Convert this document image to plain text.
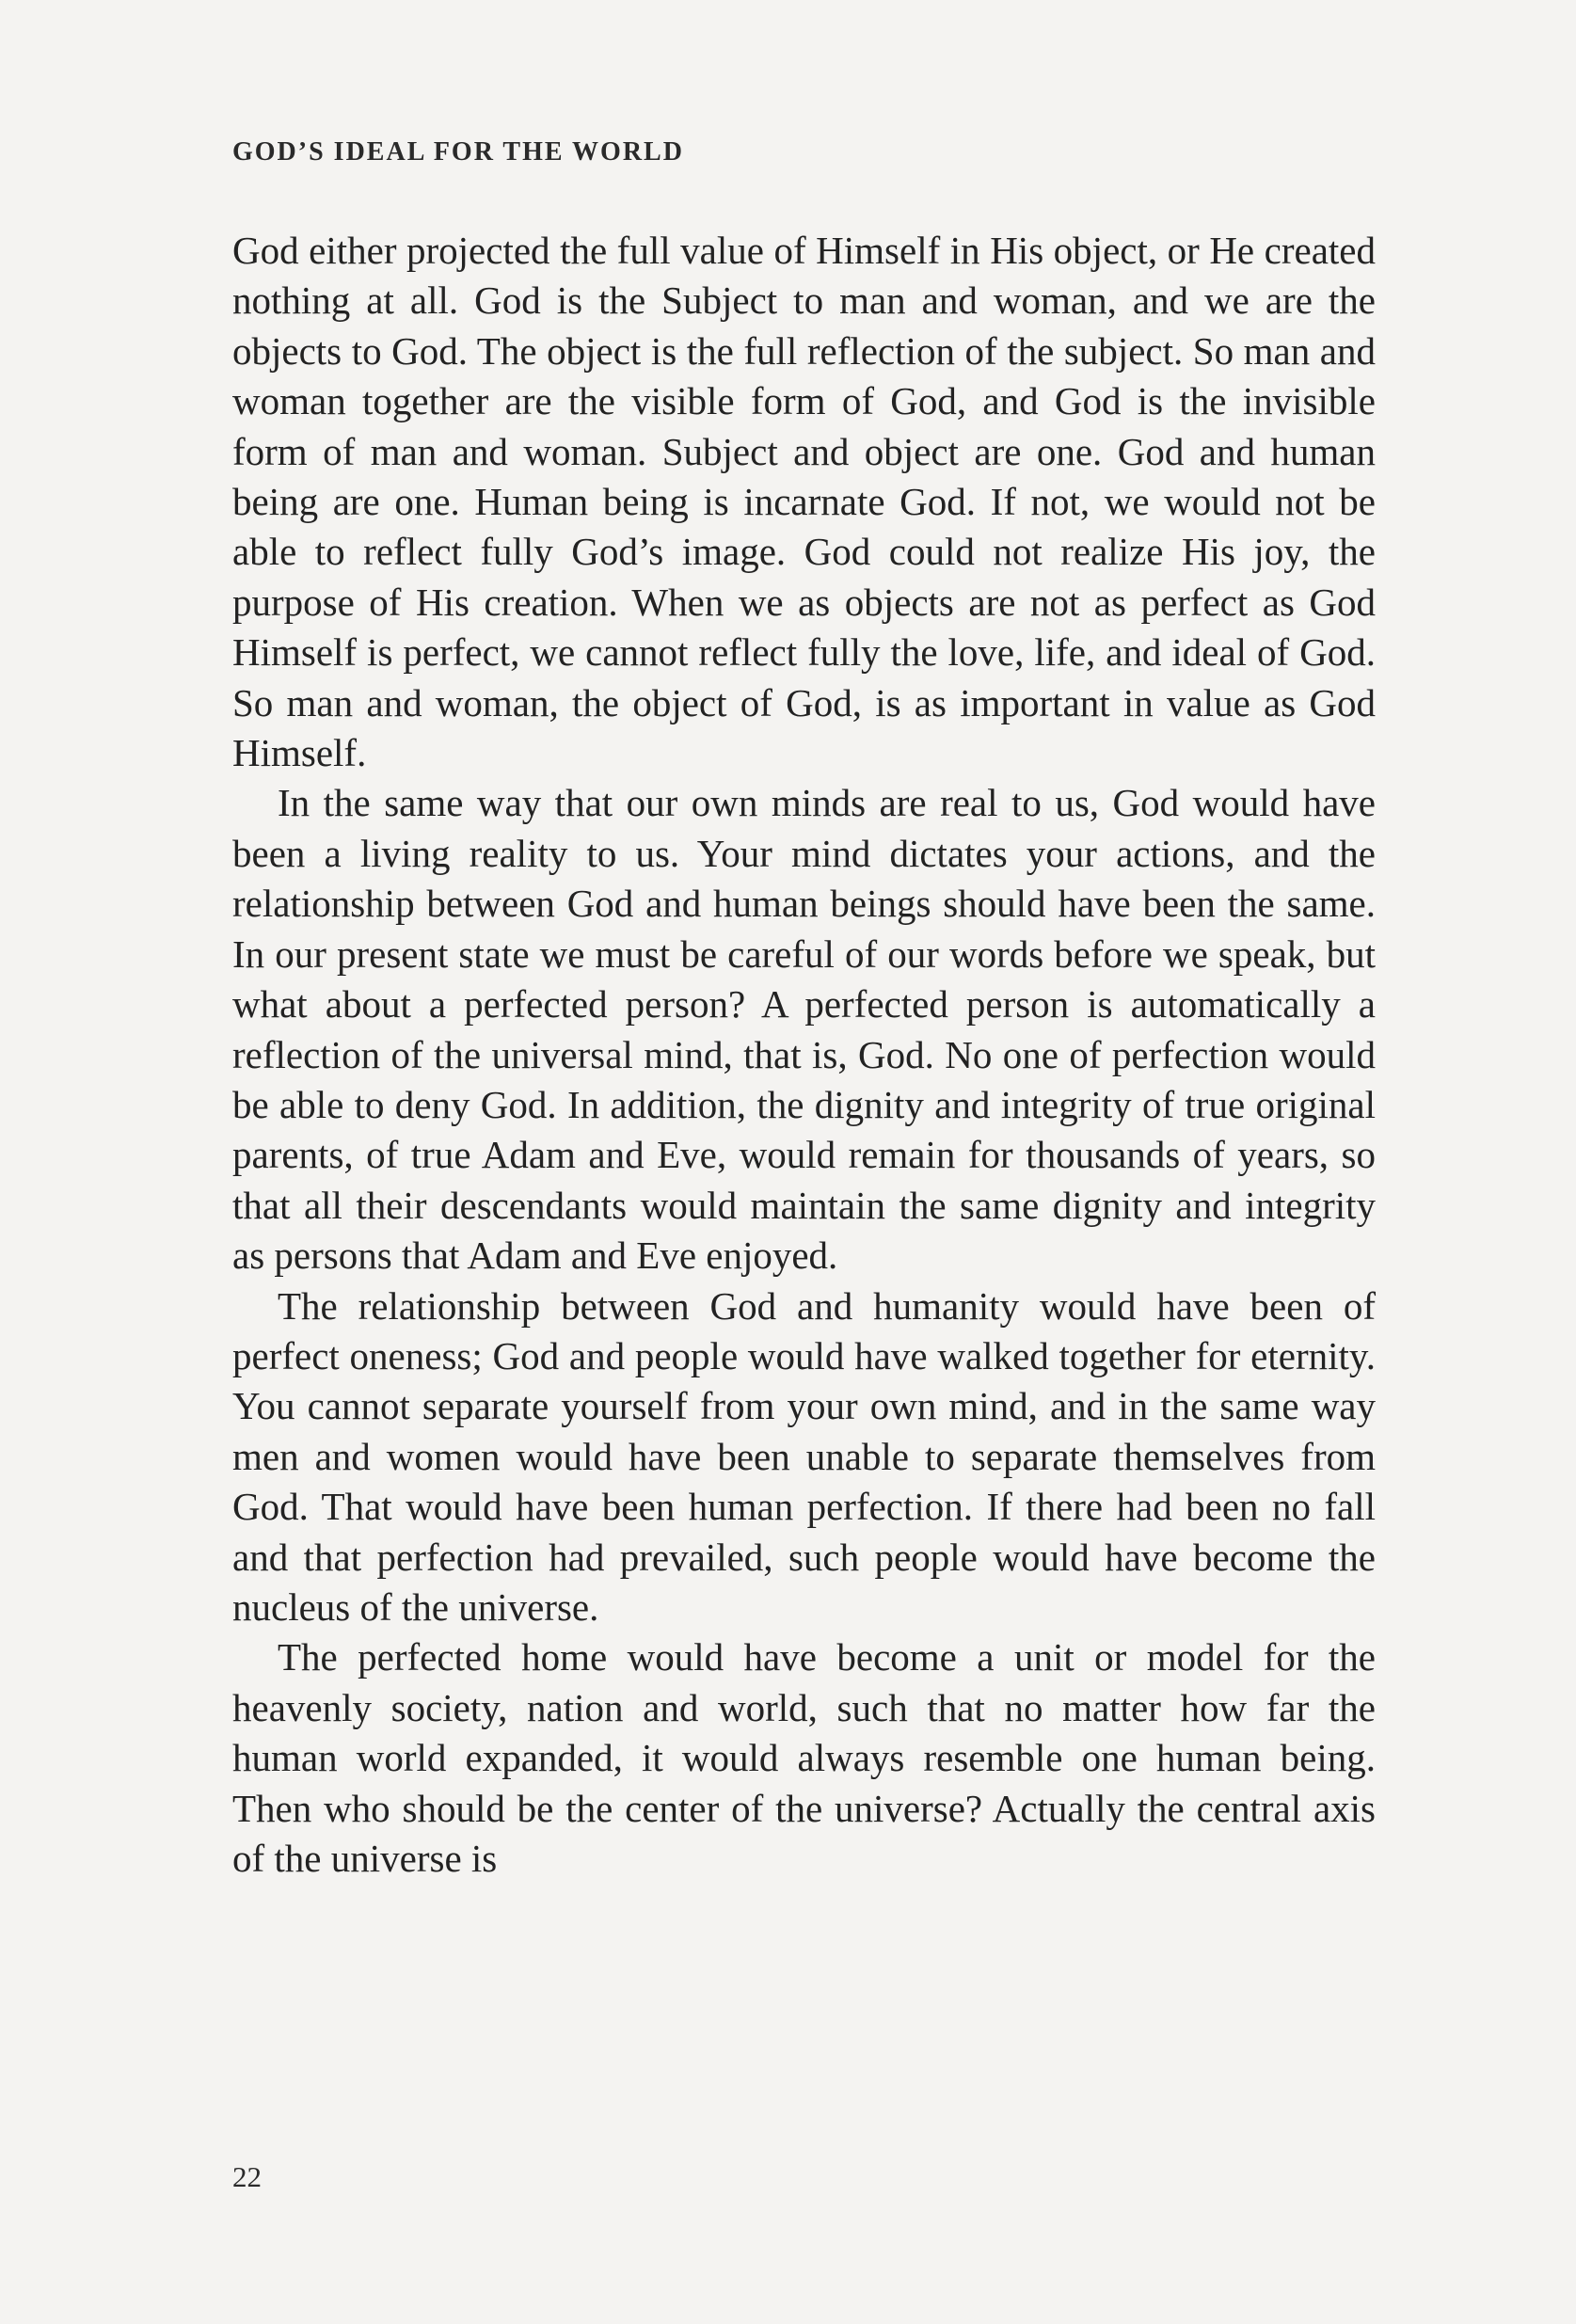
GOD’S IDEAL FOR THE WORLD

God either projected the full value of Himself in His object, or He created nothing at all. God is the Subject to man and woman, and we are the objects to God. The object is the full reflection of the subject. So man and woman together are the visible form of God, and God is the invisible form of man and woman. Subject and object are one. God and human being are one. Human being is incarnate God. If not, we would not be able to reflect fully God’s image. God could not realize His joy, the purpose of His creation. When we as objects are not as perfect as God Himself is perfect, we cannot reflect fully the love, life, and ideal of God. So man and woman, the object of God, is as important in value as God Himself.

In the same way that our own minds are real to us, God would have been a living reality to us. Your mind dictates your actions, and the relationship between God and human beings should have been the same. In our present state we must be careful of our words before we speak, but what about a perfected person? A perfected person is automatically a reflection of the universal mind, that is, God. No one of perfection would be able to deny God. In addition, the dignity and integrity of true original parents, of true Adam and Eve, would remain for thousands of years, so that all their descendants would maintain the same dignity and integrity as persons that Adam and Eve enjoyed.

The relationship between God and humanity would have been of perfect oneness; God and people would have walked together for eternity. You cannot separate yourself from your own mind, and in the same way men and women would have been unable to separate themselves from God. That would have been human perfection. If there had been no fall and that perfection had prevailed, such people would have become the nucleus of the universe.

The perfected home would have become a unit or model for the heavenly society, nation and world, such that no matter how far the human world expanded, it would always resemble one human being. Then who should be the center of the universe? Actually the central axis of the universe is

22
